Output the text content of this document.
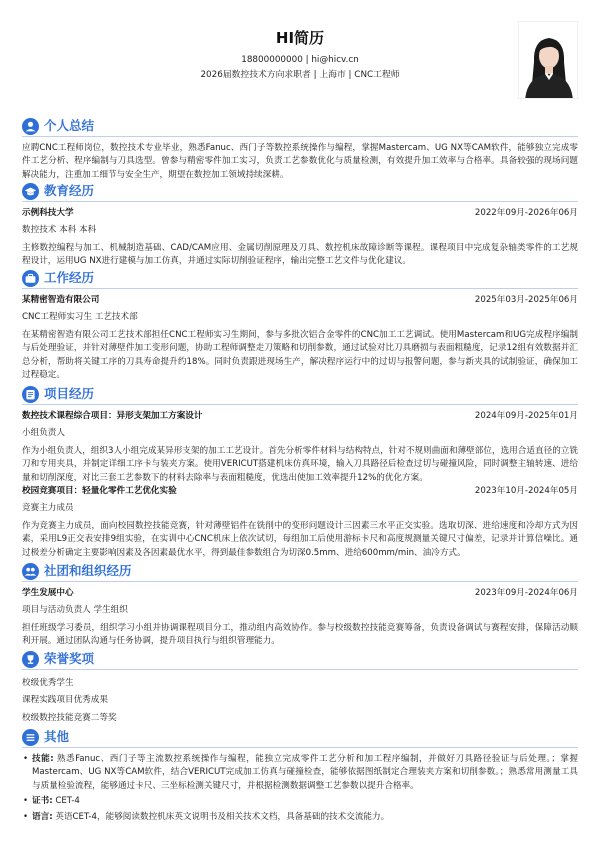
HI简历
18800000000 | hi@hicv.cn
2026届数控技术方向求职者 | 上海市 | CNC工程师
个人总结
应聘CNC工程师岗位，数控技术专业毕业，熟悉Fanuc、西门子等数控系统操作与编程，掌握Mastercam、UG NX等CAM软件，能够独立完成零件工艺分析、程序编制与刀具选型。曾参与精密零件加工实习，负责工艺参数优化与质量检测，有效提升加工效率与合格率。具备较强的现场问题解决能力，注重加工细节与安全生产，期望在数控加工领域持续深耕。
教育经历
示例科技大学	2022年09月-2026年06月
数控技术 本科 本科
主修数控编程与加工、机械制造基础、CAD/CAM应用、金属切削原理及刀具、数控机床故障诊断等课程。课程项目中完成复杂轴类零件的工艺规程设计，运用UG NX进行建模与加工仿真，并通过实际切削验证程序，输出完整工艺文件与优化建议。
工作经历
某精密智造有限公司	2025年03月-2025年06月
CNC工程师实习生 工艺技术部
在某精密智造有限公司工艺技术部担任CNC工程师实习生期间，参与多批次铝合金零件的CNC加工工艺调试。使用Mastercam和UG完成程序编制与后处理验证，并针对薄壁件加工变形问题，协助工程师调整走刀策略和切削参数，通过试验对比刀具磨损与表面粗糙度，记录12组有效数据并汇总分析，帮助将关键工序的刀具寿命提升约18%。同时负责跟进现场生产，解决程序运行中的过切与报警问题，参与新夹具的试制验证，确保加工过程稳定。
项目经历
数控技术课程综合项目：异形支架加工方案设计	2024年09月-2025年01月
小组负责人
作为小组负责人，组织3人小组完成某异形支架的加工工艺设计。首先分析零件材料与结构特点，针对不规则曲面和薄壁部位，选用合适直径的立铣刀和专用夹具，并制定详细工序卡与装夹方案。使用VERICUT搭建机床仿真环境，输入刀具路径后检查过切与碰撞风险，同时调整主轴转速、进给量和切削深度，对比三套工艺参数下的材料去除率与表面粗糙度，优选出使加工效率提升12%的优化方案。
校园竞赛项目：轻量化零件工艺优化实验	2023年10月-2024年05月
竞赛主力成员
作为竞赛主力成员，面向校园数控技能竞赛，针对薄壁铝件在铣削中的变形问题设计三因素三水平正交实验。选取切深、进给速度和冷却方式为因素，采用L9正交表安排9组实验，在实训中心CNC机床上依次试切，每组加工后使用游标卡尺和高度规测量关键尺寸偏差，记录并计算信噪比。通过极差分析确定主要影响因素及各因素最优水平，得到最佳参数组合为切深0.5mm、进给600mm/min、油冷方式。
社团和组织经历
学生发展中心	2023年09月-2024年06月
项目与活动负责人 学生组织
担任班级学习委员，组织学习小组并协调课程项目分工，推动组内高效协作。参与校级数控技能竞赛筹备，负责设备调试与赛程安排，保障活动顺利开展。通过团队沟通与任务协调，提升项目执行与组织管理能力。
荣誉奖项
校级优秀学生
课程实践项目优秀成果
校级数控技能竞赛二等奖
其他
• 技能: 熟悉Fanuc、西门子等主流数控系统操作与编程，能独立完成零件工艺分析和加工程序编制，并做好刀具路径验证与后处理。；掌握Mastercam、UG NX等CAM软件，结合VERICUT完成加工仿真与碰撞检查，能够依据图纸制定合理装夹方案和切削参数。；熟悉常用测量工具与质量检验流程，能够通过卡尺、三坐标检测关键尺寸，并根据检测数据调整工艺参数以提升合格率。
• 证书: CET-4
• 语言: 英语CET-4，能够阅读数控机床英文说明书及相关技术文档，具备基础的技术交流能力。
